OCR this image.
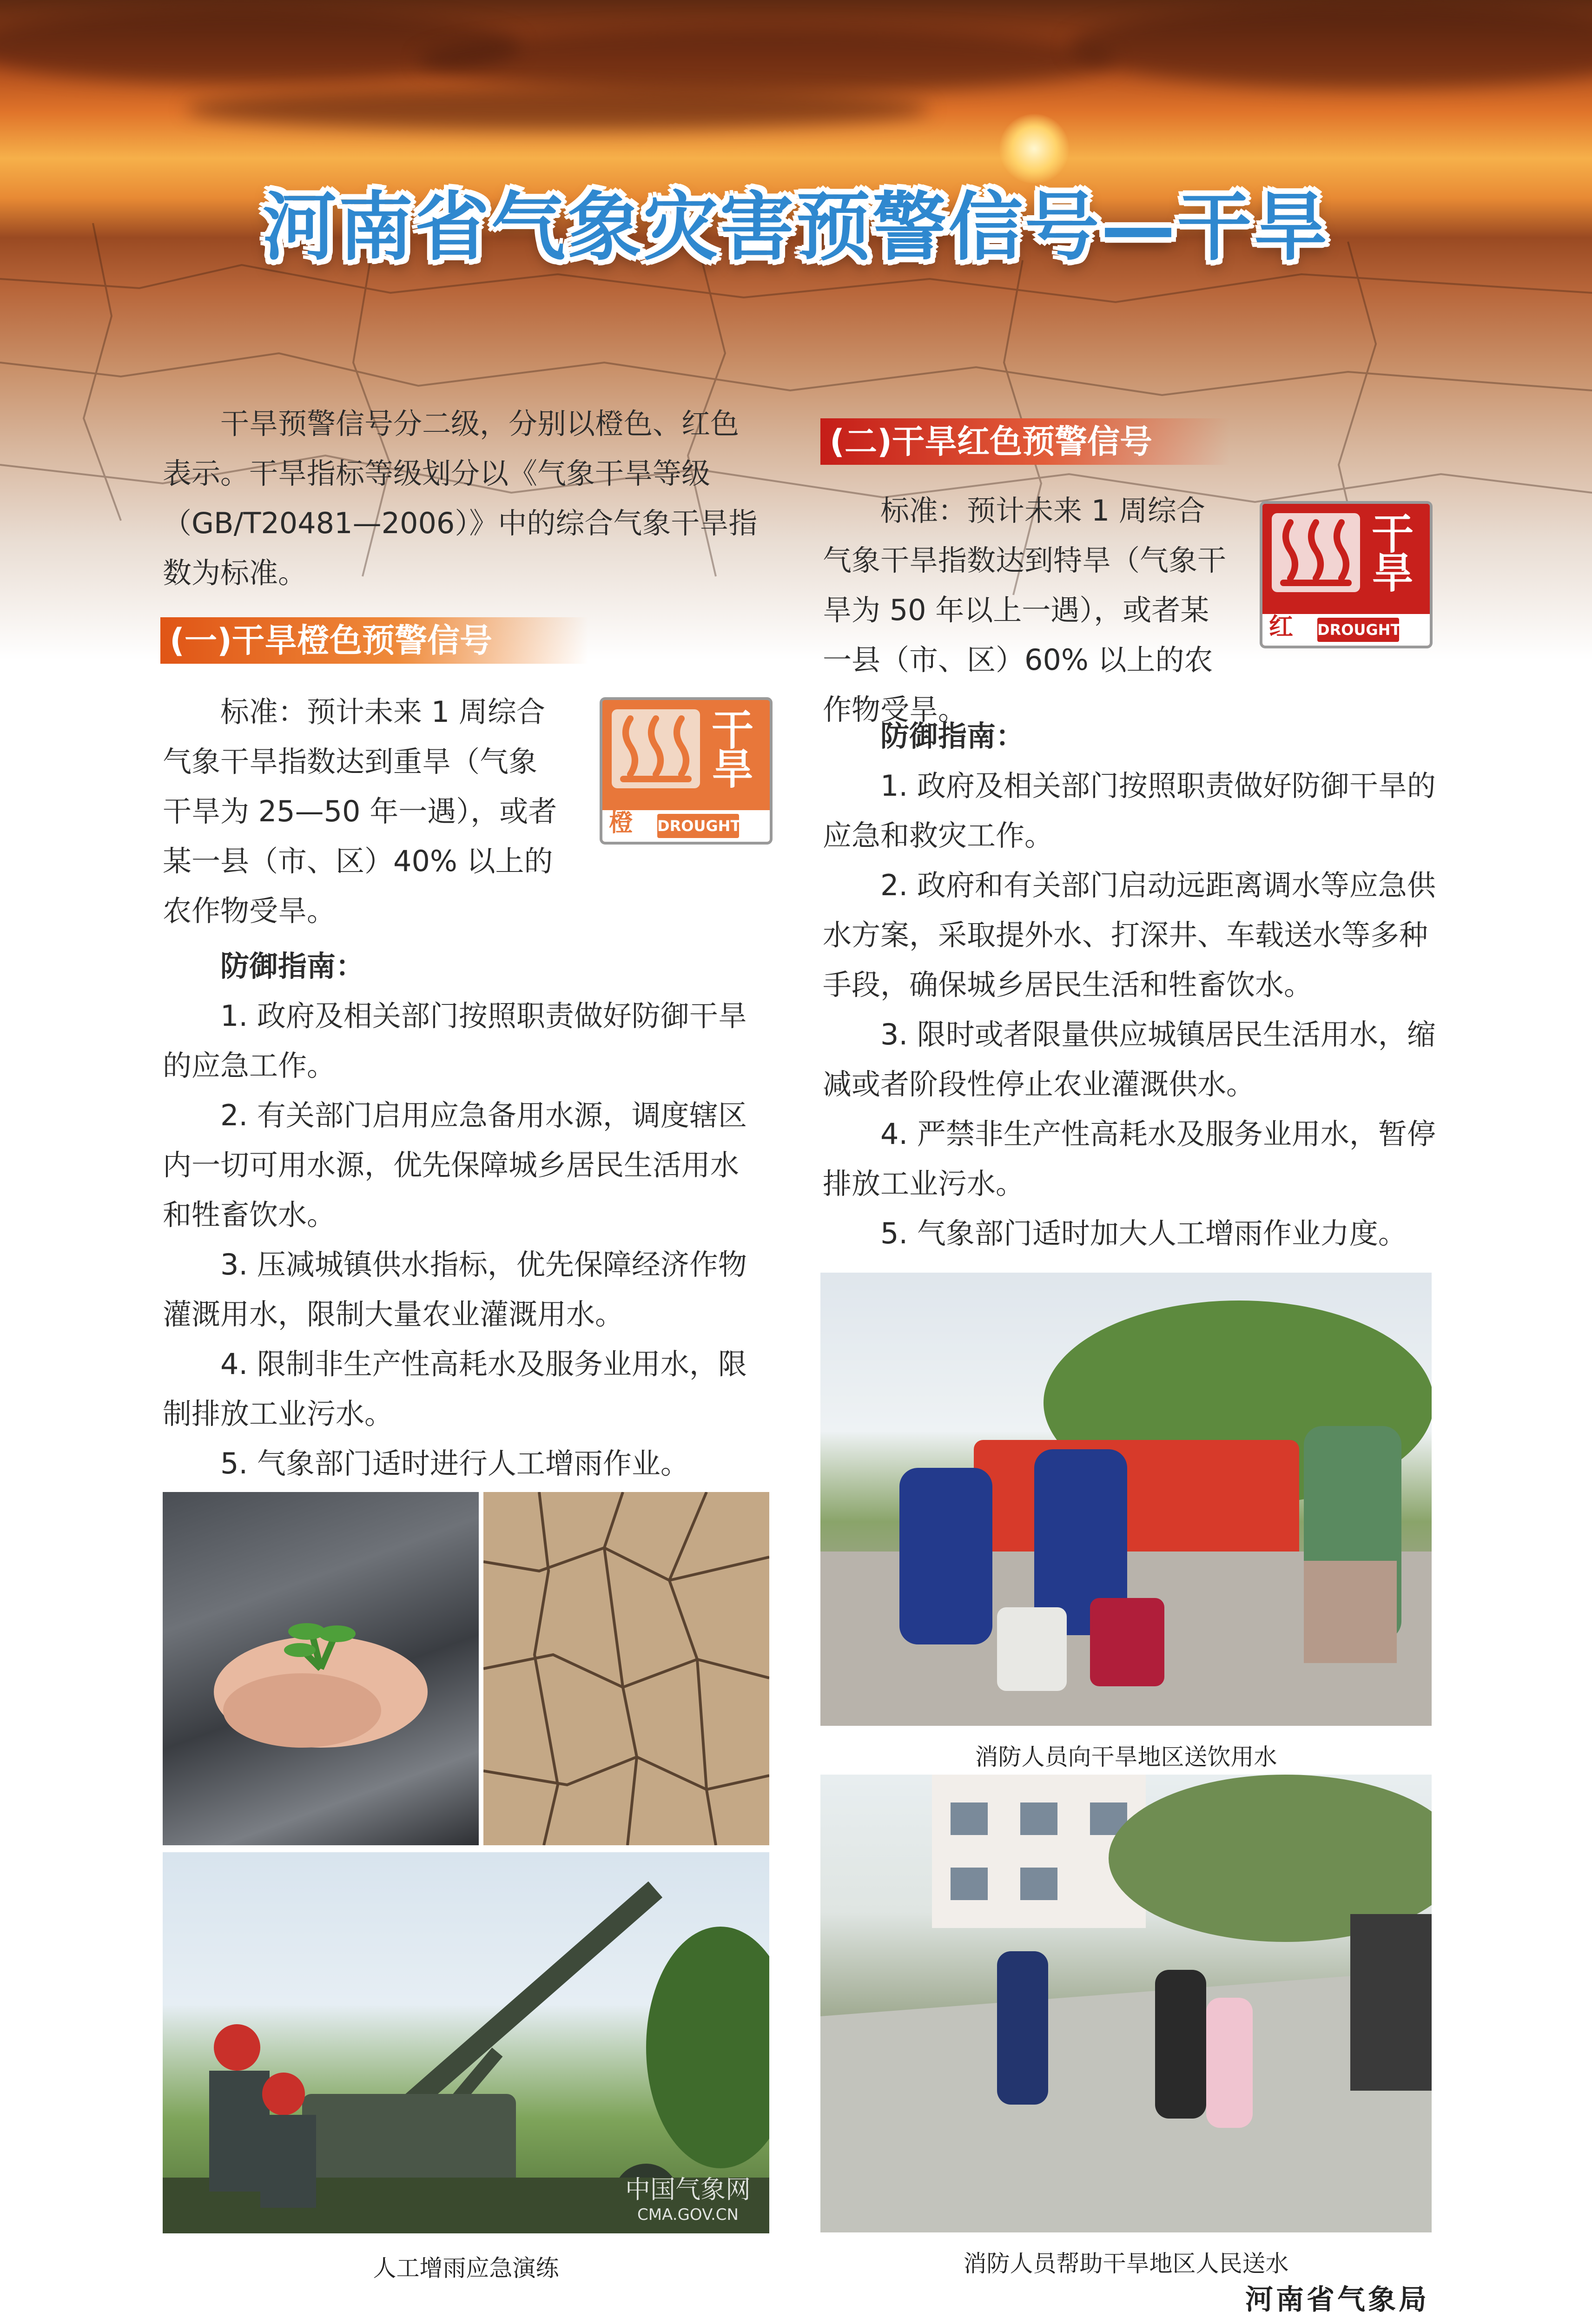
河南省气象灾害预警信号—干旱

干旱预警信号分二级，分别以橙色、红色表示。干旱指标等级划分以《气象干旱等级（GB/T20481—2006）》中的综合气象干旱指数为标准。

(一)干旱橙色预警信号

标准：预计未来 1 周综合气象干旱指数达到重旱（气象干旱为 25—50 年一遇），或者某一县（市、区）40% 以上的农作物受旱。

干
旱
橙 DROUGHT

防御指南：

1. 政府及相关部门按照职责做好防御干旱的应急工作。

2. 有关部门启用应急备用水源，调度辖区内一切可用水源，优先保障城乡居民生活用水和牲畜饮水。

3. 压减城镇供水指标，优先保障经济作物灌溉用水，限制大量农业灌溉用水。

4. 限制非生产性高耗水及服务业用水，限制排放工业污水。

5. 气象部门适时进行人工增雨作业。

(二)干旱红色预警信号

标准：预计未来 1 周综合气象干旱指数达到特旱（气象干旱为 50 年以上一遇），或者某一县（市、区）60% 以上的农作物受旱。

干
旱
红 DROUGHT

防御指南：

1. 政府及相关部门按照职责做好防御干旱的应急和救灾工作。

2. 政府和有关部门启动远距离调水等应急供水方案，采取提外水、打深井、车载送水等多种手段，确保城乡居民生活和牲畜饮水。

3. 限时或者限量供应城镇居民生活用水，缩减或者阶段性停止农业灌溉供水。

4. 严禁非生产性高耗水及服务业用水，暂停排放工业污水。

5. 气象部门适时加大人工增雨作业力度。

中国气象网
CMA.GOV.CN
人工增雨应急演练
消防人员向干旱地区送饮用水
消防人员帮助干旱地区人民送水
河南省气象局
